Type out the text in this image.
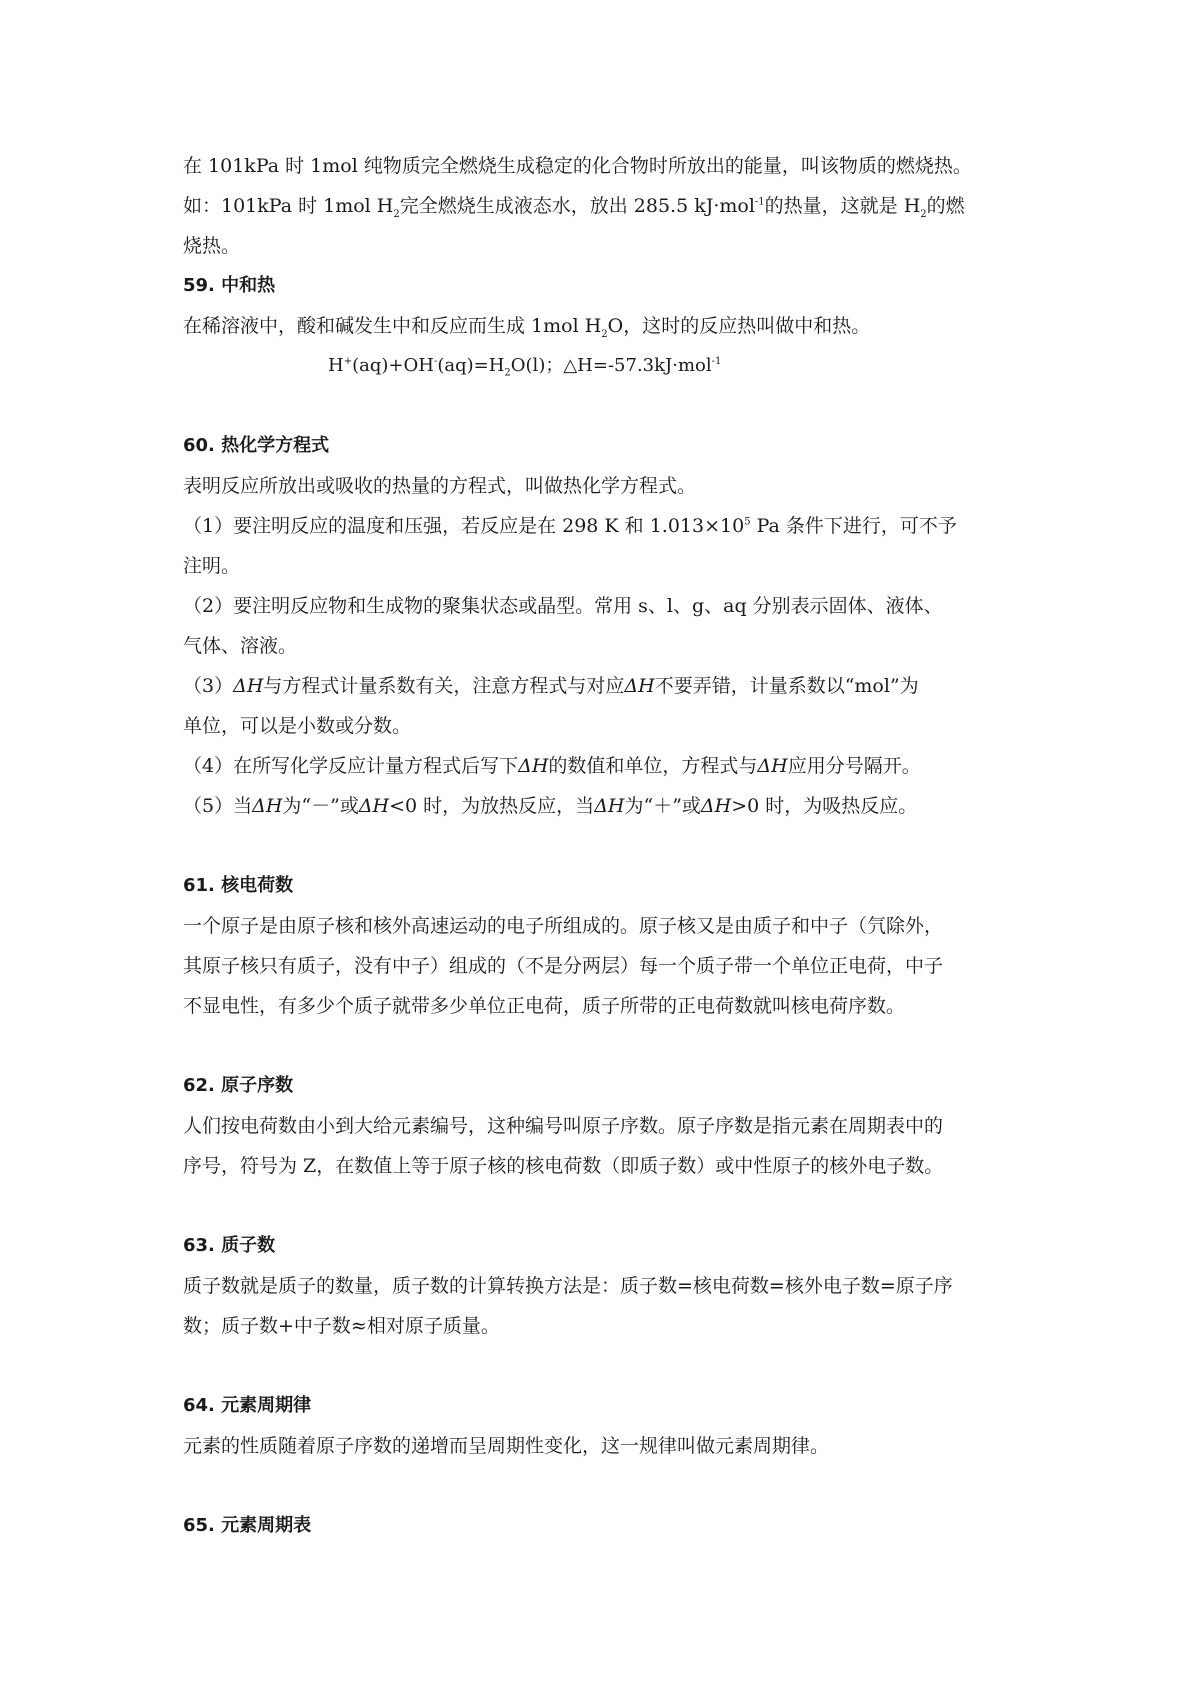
在 101kPa 时 1mol 纯物质完全燃烧生成稳定的化合物时所放出的能量，叫该物质的燃烧热。

如：101kPa 时 1mol $H_2$完全燃烧生成液态水，放出 285.5 kJ·mol$^{-1}$的热量，这就是 $H_2$的燃

烧热。

59. 中和热

在稀溶液中，酸和碱发生中和反应而生成 1mol $H_2O$，这时的反应热叫做中和热。

$H^+(aq)+OH^-(aq)=H_2O(l)$；△H=-57.3kJ·mol$^{-1}$

60. 热化学方程式

表明反应所放出或吸收的热量的方程式，叫做热化学方程式。

（1）要注明反应的温度和压强，若反应是在 298 K 和 $1.013\times 10^5$ Pa 条件下进行，可不予

注明。

（2）要注明反应物和生成物的聚集状态或晶型。常用 s、l、g、aq 分别表示固体、液体、

气体、溶液。

（3）ΔH与方程式计量系数有关，注意方程式与对应ΔH不要弄错，计量系数以“mol”为

单位，可以是小数或分数。

（4）在所写化学反应计量方程式后写下ΔH的数值和单位，方程式与ΔH应用分号隔开。

（5）当ΔH为“－”或ΔH<0 时，为放热反应，当ΔH为“＋”或ΔH>0 时，为吸热反应。

61. 核电荷数

一个原子是由原子核和核外高速运动的电子所组成的。原子核又是由质子和中子（氕除外，

其原子核只有质子，没有中子）组成的（不是分两层）每一个质子带一个单位正电荷，中子

不显电性，有多少个质子就带多少单位正电荷，质子所带的正电荷数就叫核电荷序数。

62. 原子序数

人们按电荷数由小到大给元素编号，这种编号叫原子序数。原子序数是指元素在周期表中的

序号，符号为 Z，在数值上等于原子核的核电荷数（即质子数）或中性原子的核外电子数。

63. 质子数

质子数就是质子的数量，质子数的计算转换方法是：质子数=核电荷数=核外电子数=原子序

数；质子数+中子数≈相对原子质量。

64. 元素周期律

元素的性质随着原子序数的递增而呈周期性变化，这一规律叫做元素周期律。

65. 元素周期表
